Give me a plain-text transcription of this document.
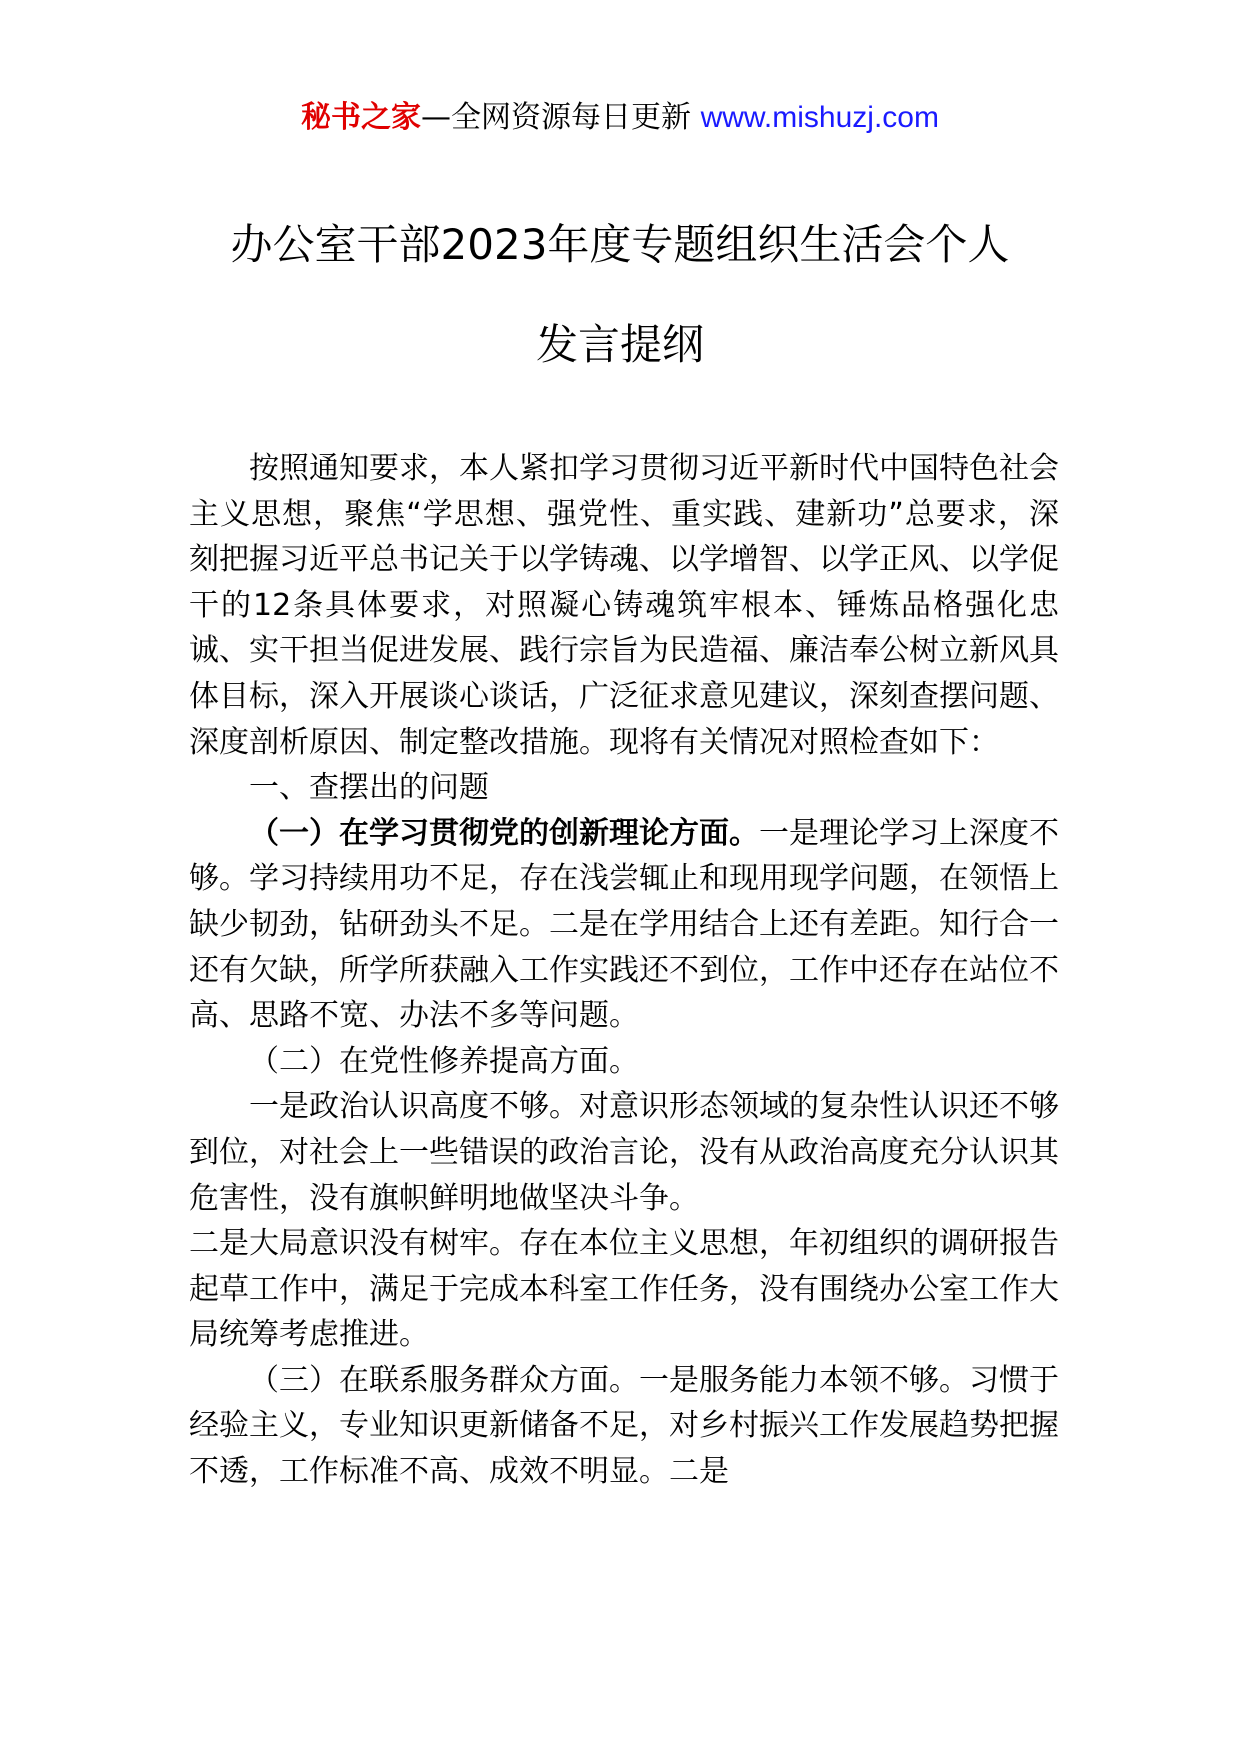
秘书之家—全网资源每日更新 www.mishuzj.com
办公室干部2023年度专题组织生活会个人
发言提纲

按照通知要求，本人紧扣学习贯彻习近平新时代中国特色社会主义思想，聚焦“学思想、强党性、重实践、建新功”总要求，深刻把握习近平总书记关于以学铸魂、以学增智、以学正风、以学促干的12条具体要求，对照凝心铸魂筑牢根本、锤炼品格强化忠诚、实干担当促进发展、践行宗旨为民造福、廉洁奉公树立新风具体目标，深入开展谈心谈话，广泛征求意见建议，深刻查摆问题、深度剖析原因、制定整改措施。现将有关情况对照检查如下：

一、查摆出的问题

（一）在学习贯彻党的创新理论方面。一是理论学习上深度不够。学习持续用功不足，存在浅尝辄止和现用现学问题，在领悟上缺少韧劲，钻研劲头不足。二是在学用结合上还有差距。知行合一还有欠缺，所学所获融入工作实践还不到位，工作中还存在站位不高、思路不宽、办法不多等问题。

（二）在党性修养提高方面。

一是政治认识高度不够。对意识形态领域的复杂性认识还不够到位，对社会上一些错误的政治言论，没有从政治高度充分认识其危害性，没有旗帜鲜明地做坚决斗争。

二是大局意识没有树牢。存在本位主义思想，年初组织的调研报告起草工作中，满足于完成本科室工作任务，没有围绕办公室工作大局统筹考虑推进。

（三）在联系服务群众方面。一是服务能力本领不够。习惯于经验主义，专业知识更新储备不足，对乡村振兴工作发展趋势把握不透，工作标准不高、成效不明显。二是
